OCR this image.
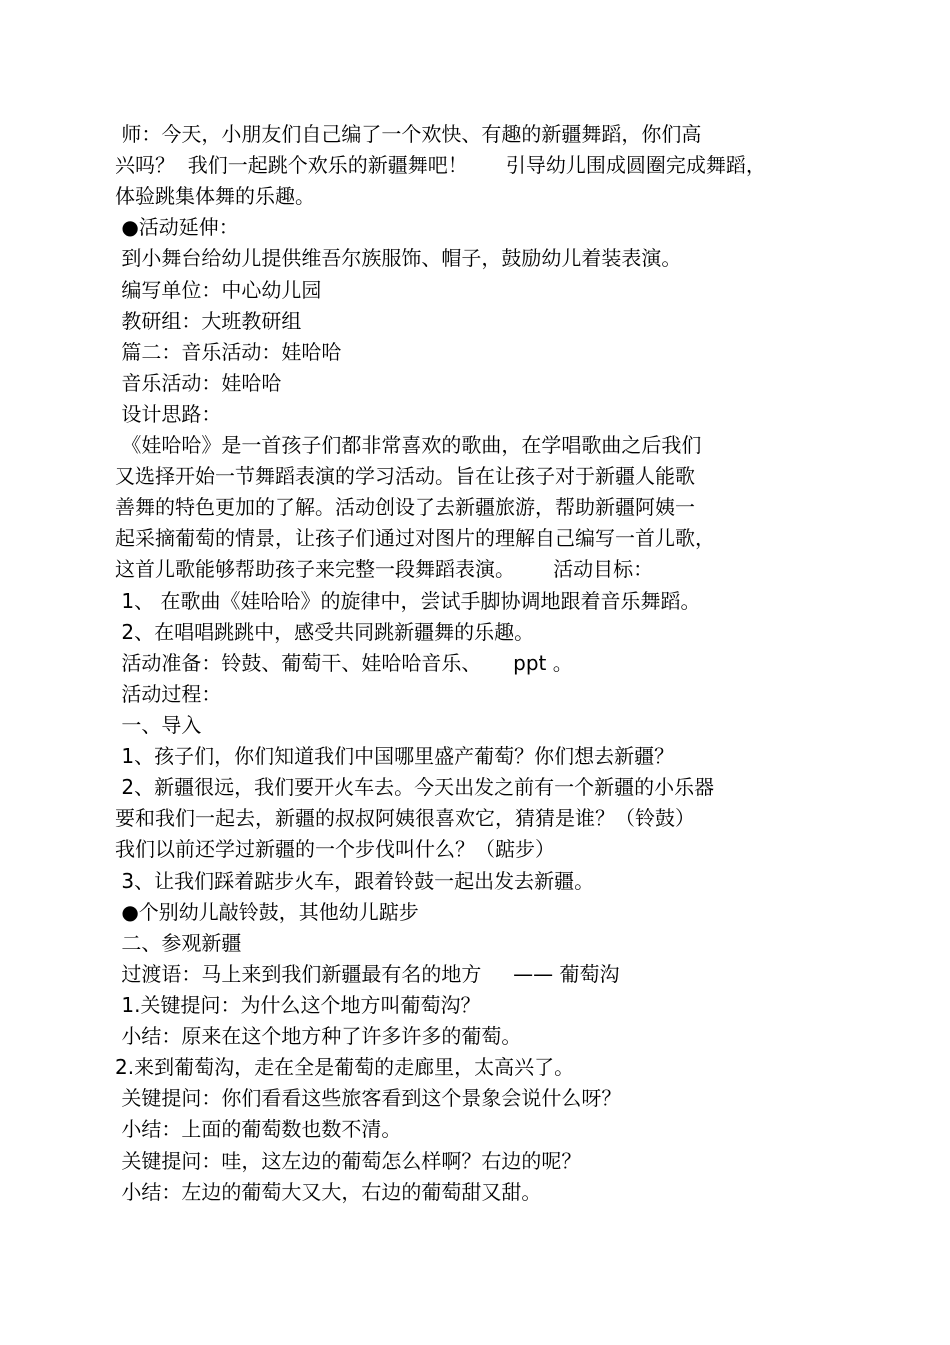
师：今天，小朋友们自己编了一个欢快、有趣的新疆舞蹈，你们高
兴吗？  我们一起跳个欢乐的新疆舞吧！      引导幼儿围成圆圈完成舞蹈，
体验跳集体舞的乐趣。
●活动延伸：
到小舞台给幼儿提供维吾尔族服饰、帽子，鼓励幼儿着装表演。
编写单位：中心幼儿园
教研组：大班教研组
篇二：音乐活动：娃哈哈
音乐活动：娃哈哈
设计思路：
《娃哈哈》是一首孩子们都非常喜欢的歌曲，在学唱歌曲之后我们
又选择开始一节舞蹈表演的学习活动。旨在让孩子对于新疆人能歌
善舞的特色更加的了解。活动创设了去新疆旅游，帮助新疆阿姨一
起采摘葡萄的情景，让孩子们通过对图片的理解自己编写一首儿歌，
这首儿歌能够帮助孩子来完整一段舞蹈表演。      活动目标：
1、 在歌曲《娃哈哈》的旋律中，尝试手脚协调地跟着音乐舞蹈。
2、在唱唱跳跳中，感受共同跳新疆舞的乐趣。
活动准备：铃鼓、葡萄干、娃哈哈音乐、     ppt 。
活动过程：
一、导入
1、孩子们，你们知道我们中国哪里盛产葡萄？你们想去新疆？
2、新疆很远，我们要开火车去。今天出发之前有一个新疆的小乐器
要和我们一起去，新疆的叔叔阿姨很喜欢它，猜猜是谁？（铃鼓）
我们以前还学过新疆的一个步伐叫什么？（踮步）
3、让我们踩着踮步火车，跟着铃鼓一起出发去新疆。
●个别幼儿敲铃鼓，其他幼儿踮步
二、参观新疆
过渡语：马上来到我们新疆最有名的地方     —— 葡萄沟
1.关键提问：为什么这个地方叫葡萄沟？
小结：原来在这个地方种了许多许多的葡萄。
2.来到葡萄沟，走在全是葡萄的走廊里，太高兴了。
关键提问：你们看看这些旅客看到这个景象会说什么呀？
小结：上面的葡萄数也数不清。
关键提问：哇，这左边的葡萄怎么样啊？右边的呢？
小结：左边的葡萄大又大，右边的葡萄甜又甜。
